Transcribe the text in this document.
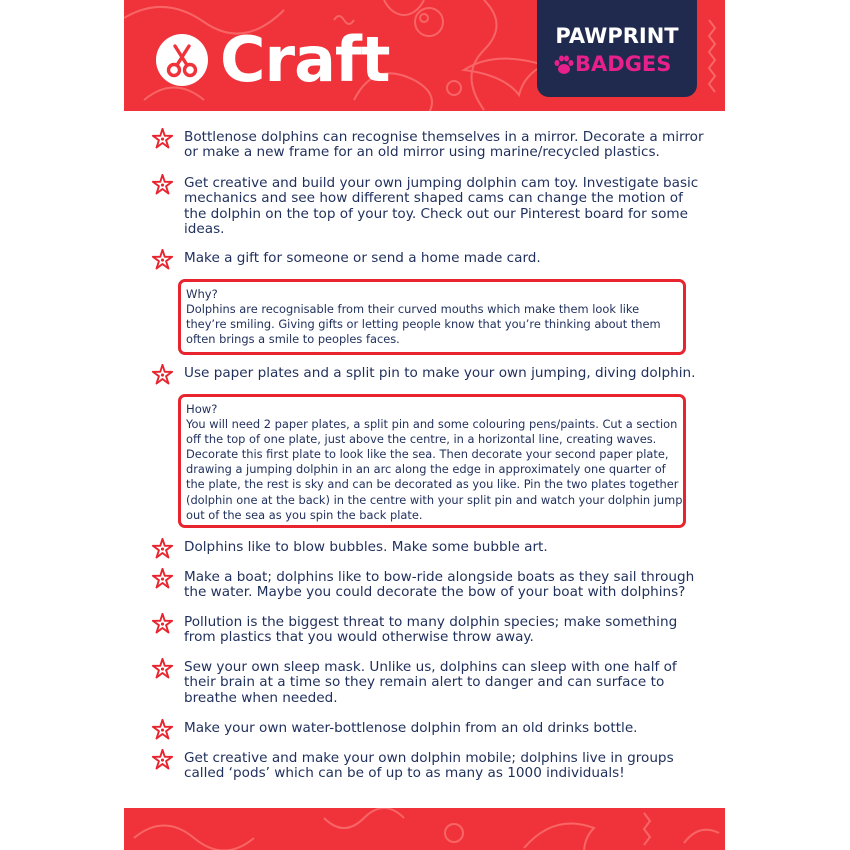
Craft	PAWPRINT
BADGES
Bottlenose dolphins can recognise themselves in a mirror. Decorate a mirror or make a new frame for an old mirror using marine/recycled plastics.
Get creative and build your own jumping dolphin cam toy. Investigate basic mechanics and see how different shaped cams can change the motion of the dolphin on the top of your toy. Check out our Pinterest board for some ideas.
Make a gift for someone or send a home made card.
Why?
Dolphins are recognisable from their curved mouths which make them look like they’re smiling. Giving gifts or letting people know that you’re thinking about them often brings a smile to peoples faces.
Use paper plates and a split pin to make your own jumping, diving dolphin.
How?
You will need 2 paper plates, a split pin and some colouring pens/paints. Cut a section off the top of one plate, just above the centre, in a horizontal line, creating waves. Decorate this first plate to look like the sea. Then decorate your second paper plate, drawing a jumping dolphin in an arc along the edge in approximately one quarter of the plate, the rest is sky and can be decorated as you like. Pin the two plates together (dolphin one at the back) in the centre with your split pin and watch your dolphin jump out of the sea as you spin the back plate.
Dolphins like to blow bubbles. Make some bubble art.
Make a boat; dolphins like to bow-ride alongside boats as they sail through the water. Maybe you could decorate the bow of your boat with dolphins?
Pollution is the biggest threat to many dolphin species; make something from plastics that you would otherwise throw away.
Sew your own sleep mask. Unlike us, dolphins can sleep with one half of their brain at a time so they remain alert to danger and can surface to breathe when needed.
Make your own water-bottlenose dolphin from an old drinks bottle.
Get creative and make your own dolphin mobile; dolphins live in groups called ‘pods’ which can be of up to as many as 1000 individuals!
